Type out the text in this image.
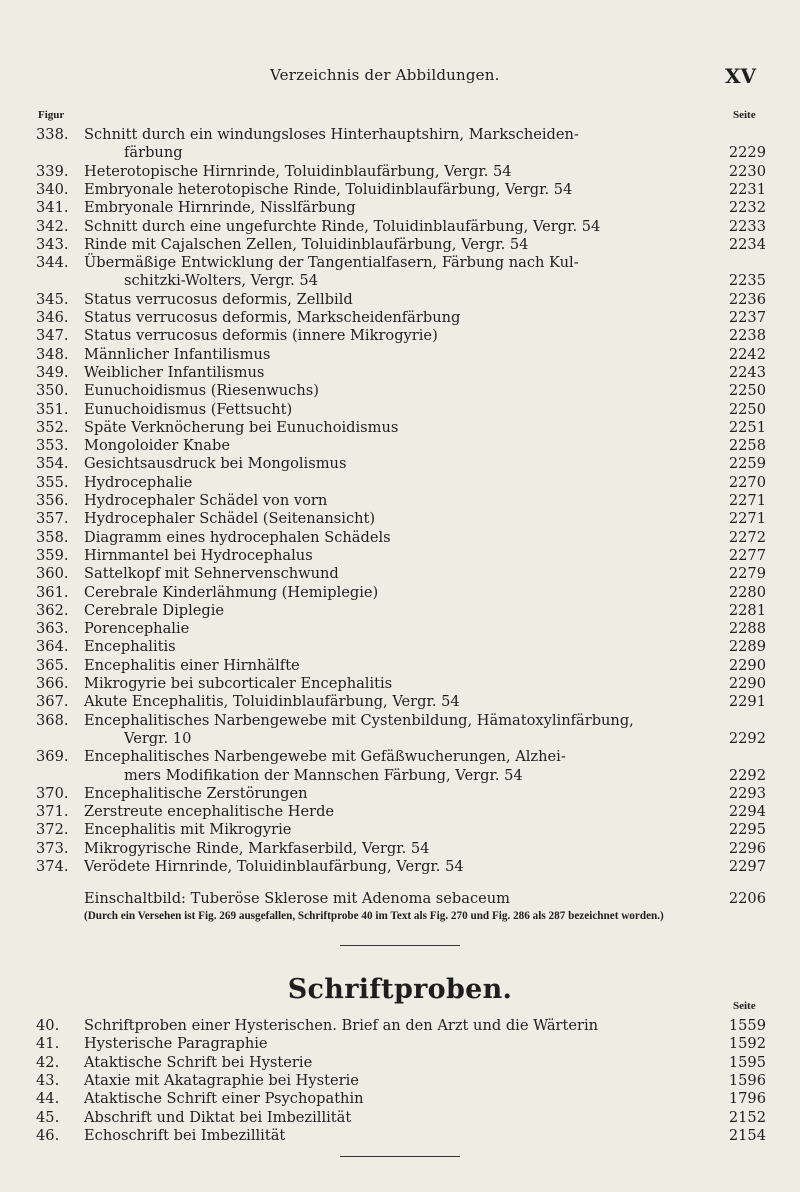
Verzeichnis der Abbildungen.	XV
Figur	Seite
338.	Schnitt durch ein windungsloses Hinterhauptshirn, Markscheiden-
färbung	2229
339.	Heterotopische Hirnrinde, Toluidinblaufärbung, Vergr. 54	2230
340.	Embryonale heterotopische Rinde, Toluidinblaufärbung, Vergr. 54	2231
341.	Embryonale Hirnrinde, Nisslfärbung	2232
342.	Schnitt durch eine ungefurchte Rinde, Toluidinblaufärbung, Vergr. 54	2233
343.	Rinde mit Cajalschen Zellen, Toluidinblaufärbung, Vergr. 54	2234
344.	Übermäßige Entwicklung der Tangentialfasern, Färbung nach Kul-
schitzki-Wolters, Vergr. 54	2235
345.	Status verrucosus deformis, Zellbild	2236
346.	Status verrucosus deformis, Markscheidenfärbung	2237
347.	Status verrucosus deformis (innere Mikrogyrie)	2238
348.	Männlicher Infantilismus	2242
349.	Weiblicher Infantilismus	2243
350.	Eunuchoidismus (Riesenwuchs)	2250
351.	Eunuchoidismus (Fettsucht)	2250
352.	Späte Verknöcherung bei Eunuchoidismus	2251
353.	Mongoloider Knabe	2258
354.	Gesichtsausdruck bei Mongolismus	2259
355.	Hydrocephalie	2270
356.	Hydrocephaler Schädel von vorn	2271
357.	Hydrocephaler Schädel (Seitenansicht)	2271
358.	Diagramm eines hydrocephalen Schädels	2272
359.	Hirnmantel bei Hydrocephalus	2277
360.	Sattelkopf mit Sehnervenschwund	2279
361.	Cerebrale Kinderlähmung (Hemiplegie)	2280
362.	Cerebrale Diplegie	2281
363.	Porencephalie	2288
364.	Encephalitis	2289
365.	Encephalitis einer Hirnhälfte	2290
366.	Mikrogyrie bei subcorticaler Encephalitis	2290
367.	Akute Encephalitis, Toluidinblaufärbung, Vergr. 54	2291
368.	Encephalitisches Narbengewebe mit Cystenbildung, Hämatoxylinfärbung,
Vergr. 10	2292
369.	Encephalitisches Narbengewebe mit Gefäßwucherungen, Alzhei-
mers Modifikation der Mannschen Färbung, Vergr. 54	2292
370.	Encephalitische Zerstörungen	2293
371.	Zerstreute encephalitische Herde	2294
372.	Encephalitis mit Mikrogyrie	2295
373.	Mikrogyrische Rinde, Markfaserbild, Vergr. 54	2296
374.	Verödete Hirnrinde, Toluidinblaufärbung, Vergr. 54	2297
Einschaltbild: Tuberöse Sklerose mit Adenoma sebaceum	2206
(Durch ein Versehen ist Fig. 269 ausgefallen, Schriftprobe 40 im Text als Fig. 270 und Fig. 286 als 287 bezeichnet worden.)
Schriftproben.
Seite
40.	Schriftproben einer Hysterischen. Brief an den Arzt und die Wärterin	1559
41.	Hysterische Paragraphie	1592
42.	Ataktische Schrift bei Hysterie	1595
43.	Ataxie mit Akatagraphie bei Hysterie	1596
44.	Ataktische Schrift einer Psychopathin	1796
45.	Abschrift und Diktat bei Imbezillität	2152
46.	Echoschrift bei Imbezillität	2154
